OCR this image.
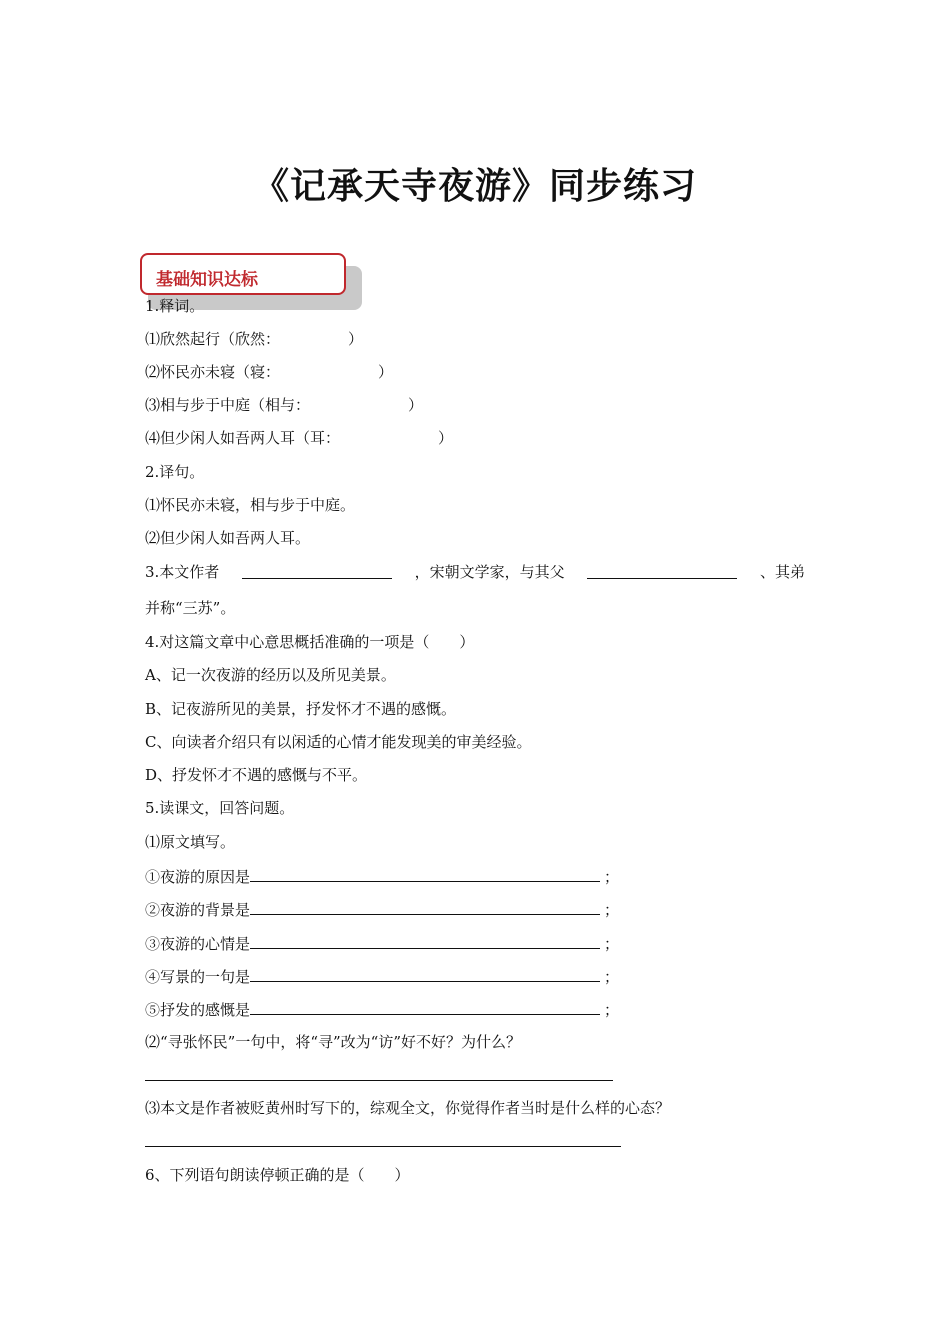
《记承天寺夜游》同步练习
基础知识达标
1.释词。
⑴欣然起行（欣然：	）
⑵怀民亦未寝（寝：	）
⑶相与步于中庭（相与：	）
⑷但少闲人如吾两人耳（耳：	）
2.译句。
⑴怀民亦未寝，相与步于中庭。
⑵但少闲人如吾两人耳。
3.本文作者	，宋朝文学家，与其父	、其弟
并称“三苏”。
4.对这篇文章中心意思概括准确的一项是（　　）
A、记一次夜游的经历以及所见美景。
B、记夜游所见的美景，抒发怀才不遇的感慨。
C、向读者介绍只有以闲适的心情才能发现美的审美经验。
D、抒发怀才不遇的感慨与不平。
5.读课文，回答问题。
⑴原文填写。
①夜游的原因是	；
②夜游的背景是	；
③夜游的心情是	；
④写景的一句是	；
⑤抒发的感慨是	；
⑵“寻张怀民”一句中，将“寻”改为“访”好不好？为什么？
⑶本文是作者被贬黄州时写下的，综观全文，你觉得作者当时是什么样的心态？
6、下列语句朗读停顿正确的是（　　）
